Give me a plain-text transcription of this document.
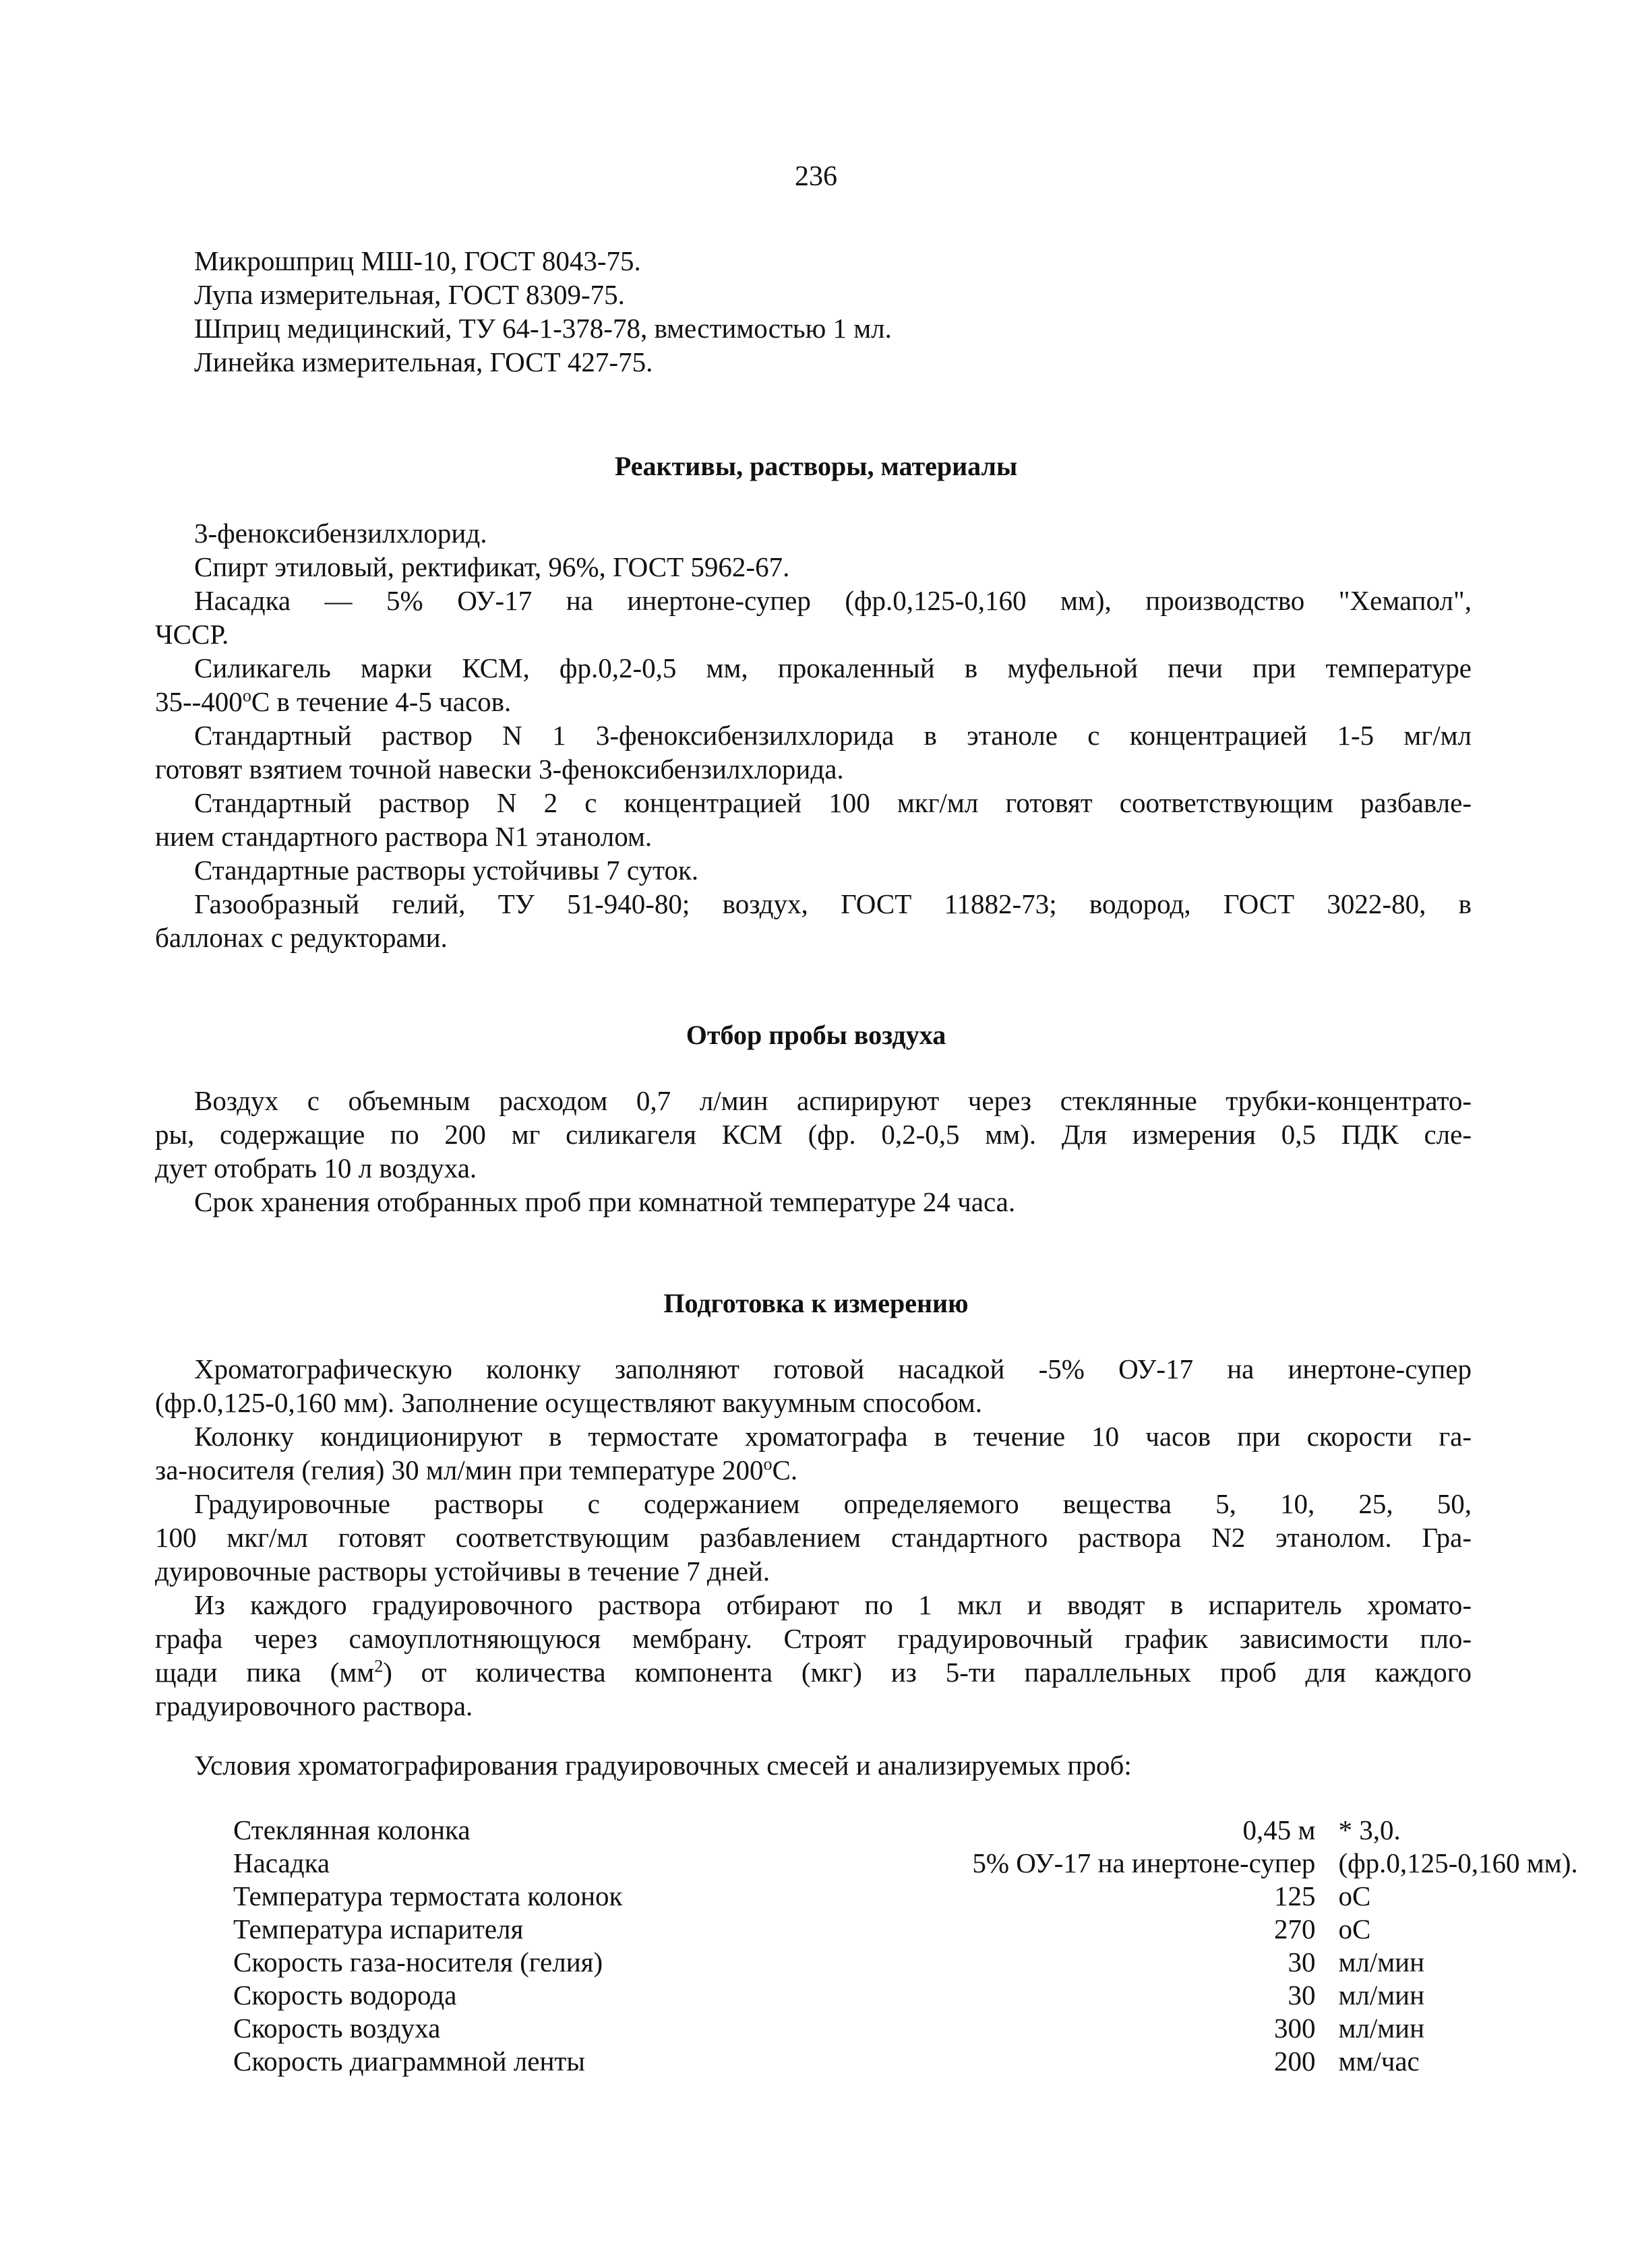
236
Микрошприц МШ-10, ГОСТ 8043-75.
Лупа измерительная, ГОСТ 8309-75.
Шприц медицинский, ТУ 64-1-378-78, вместимостью 1 мл.
Линейка измерительная, ГОСТ 427-75.
Реактивы, растворы, материалы
3-феноксибензилхлорид.
Спирт этиловый, ректификат, 96%, ГОСТ 5962-67.
Насадка — 5% ОУ-17 на инертоне-супер (фр.0,125-0,160 мм), производство "Хемапол",
ЧССР.
Силикагель марки КСМ, фр.0,2-0,5 мм, прокаленный в муфельной печи при температуре
$35--400^оС$ в течение 4-5 часов.
Стандартный раствор N 1 3-феноксибензилхлорида в этаноле с концентрацией 1-5 мг/мл
готовят взятием точной навески 3-феноксибензилхлорида.
Стандартный раствор N 2 с концентрацией 100 мкг/мл готовят соответствующим разбавле-
нием стандартного раствора N1 этанолом.
Стандартные растворы устойчивы 7 суток.
Газообразный гелий, ТУ 51-940-80; воздух, ГОСТ 11882-73; водород, ГОСТ 3022-80, в
баллонах с редукторами.
Отбор пробы воздуха
Воздух с объемным расходом 0,7 л/мин аспирируют через стеклянные трубки-концентрато-
ры, содержащие по 200 мг силикагеля КСМ (фр. 0,2-0,5 мм). Для измерения 0,5 ПДК сле-
дует отобрать 10 л воздуха.
Срок хранения отобранных проб при комнатной температуре 24 часа.
Подготовка к измерению
Хроматографическую колонку заполняют готовой насадкой -5% ОУ-17 на инертоне-супер
(фр.0,125-0,160 мм). Заполнение осуществляют вакуумным способом.
Колонку кондиционируют в термостате хроматографа в течение 10 часов при скорости га-
за-носителя (гелия) 30 мл/мин при температуре $200^оС$.
Градуировочные растворы с содержанием определяемого вещества 5, 10, 25, 50,
100 мкг/мл готовят соответствующим разбавлением стандартного раствора N2 этанолом. Гра-
дуировочные растворы устойчивы в течение 7 дней.
Из каждого градуировочного раствора отбирают по 1 мкл и вводят в испаритель хромато-
графа через самоуплотняющуюся мембрану. Строят градуировочный график зависимости пло-
щади пика $(мм^2)$ от количества компонента (мкг) из 5-ти параллельных проб для каждого
градуировочного раствора.
Условия хроматографирования градуировочных смесей и анализируемых проб:
Стеклянная колонка	0,45 м	* 3,0.
Насадка	5% ОУ-17 на инертоне-супер	(фр.0,125-0,160 мм).
Температура термостата колонок	125	оС
Температура испарителя	270	оС
Скорость газа-носителя (гелия)	30	мл/мин
Скорость водорода	30	мл/мин
Скорость воздуха	300	мл/мин
Скорость диаграммной ленты	200	мм/час
